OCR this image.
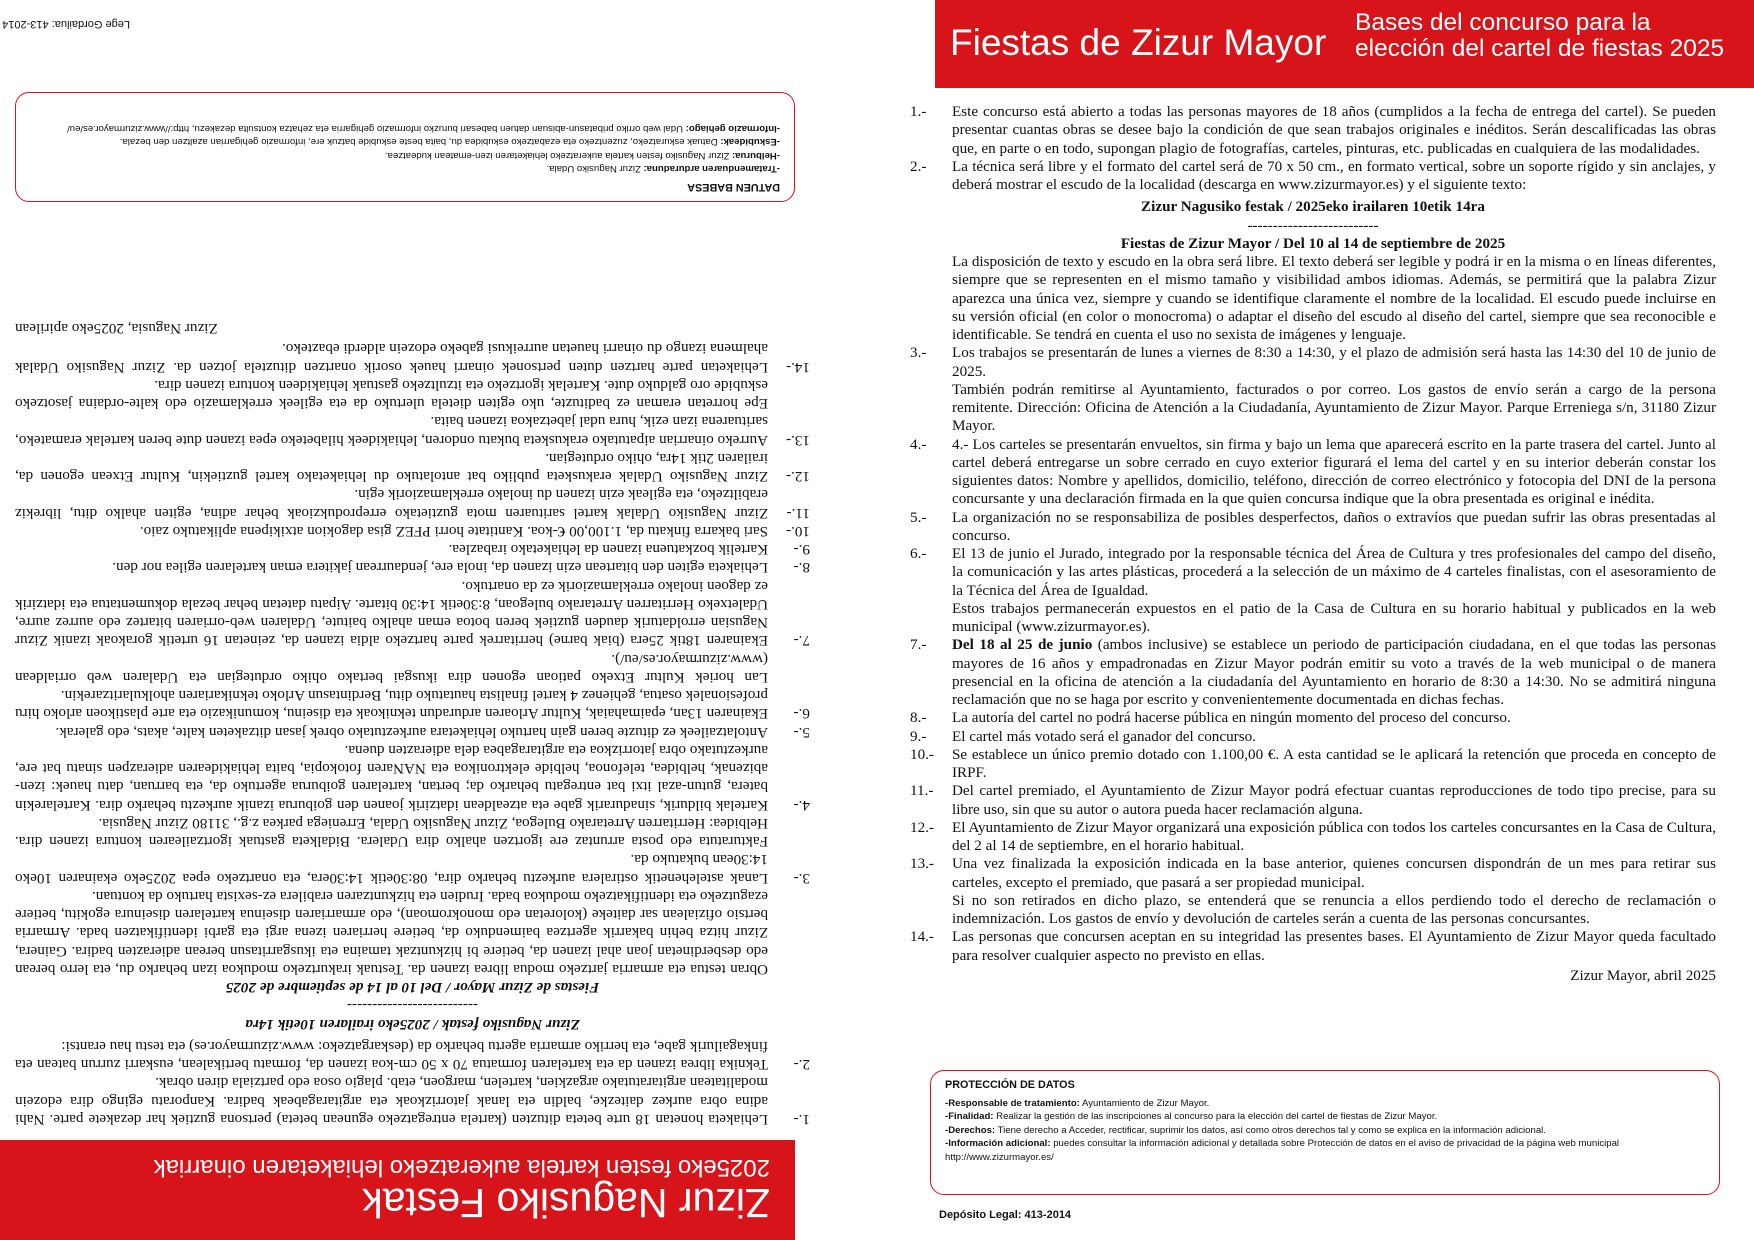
Zizur Nagusiko Festak
2025eko festen kartela aukeratzeko lehiaketaren oinarriak
1.-
Lehiaketa honetan 18 urte beteta dituzten (kartela entregatzeko egunean beteta) pertsona guztiek har dezakete parte. Nahi adina obra aurkez daitezke, baldin eta lanak jatorrizkoak eta argitaragabeak badira. Kanporatu egingo dira edozein modalitatean argitaratutako argazkien, kartelen, margoen, etab. plagio osoa edo partziala diren obrak.
2.-
Teknika librea izanen da eta kartelaren formatua 70 x 50 cm-koa izanen da, formatu bertikalean, euskarri zurrun batean eta finkagailurik gabe, eta herriko armarria agertu beharko da (deskargatzeko: www.zizurmayor.es) eta testu hau erantsi:

Zizur Nagusiko festak / 2025eko irailaren 10etik 14ra

--------------------------

Fiestas de Zizur Mayor / Del 10 al 14 de septiembre de 2025

Obran testua eta armarria jartzeko modua librea izanen da. Testuak irakurtzeko modukoa izan beharko du, eta lerro berean edo desberdinetan joan ahal izanen da, betiere bi hizkuntzak tamaina eta ikusgarritasun berean adierazten badira. Gainera, Zizur hitza behin bakarrik agertzea baimenduko da, betiere herriaren izena argi eta garbi identifikatzen bada. Armarria bertsio ofizialean sar daiteke (koloretan edo monokromoan), edo armarriaren diseinua kartelaren diseinura egokitu, betiere ezagutzeko eta identifikatzeko modukoa bada. Irudien eta hizkuntzaren erabilera ez-sexista hartuko da kontuan.

3.-
Lanak astelehenetik ostiralera aurkeztu beharko dira, 08:30etik 14:30era, eta onartzeko epea 2025eko ekainaren 10eko 14:30ean bukatuko da.

Fakturatuta edo posta arruntaz ere igortzen ahalko dira Udalera. Bidalketa gastuak igortzailearen kontura izanen dira. Helbidea: Herritarren Arretarako Bulegoa, Zizur Nagusiko Udala, Erreniega parkea z.g., 31180 Zizur Nagusia.

4.-
Kartelak bildurik, sinadurarik gabe eta atzealdean idatzirik joanen den goiburua izanik aurkeztu beharko dira. Kartelarekin batera, gutun-azal itxi bat entregatu beharko da; bertan, kartelaren goiburua agertuko da, eta barruan, datu hauek: izen-abizenak, helbidea, telefonoa, helbide elektronikoa eta NANaren fotokopia, baita lehiakidearen adierazpen sinatu bat ere, aurkeztutako obra jatorrizkoa eta argitaragabea dela adierazten duena.
5.-
Antolatzaileek ez dituzte beren gain hartuko lehiaketara aurkeztutako obrek jasan ditzaketen kalte, akats, edo galerak.
6.-
Ekainaren 13an, epaimahaiak, Kultur Arloaren arduradun teknikoak eta diseinu, komunikazio eta arte plastikoen arloko hiru profesionalek osatua, gehienez 4 kartel finalista hautatuko ditu, Berdintasun Arloko teknikariaren aholkularitzarekin.

Lan horiek Kultur Etxeko patioan egonen dira ikusgai bertako ohiko ordutegian eta Udalaren web orrialdean (www.zizurmayor.es/eu/).

7.-
Ekainaren 18tik 25era (biak barne) herritarrek parte hartzeko aldia izanen da, zeinetan 16 urtetik gorakoak izanik Zizur Nagusian erroldaturik dauden guztiek beren botoa eman ahalko baitute, Udalaren web-orriaren bitartez edo aurrez aurre, Udaletxeko Herritarren Arretarako bulegoan, 8:30etik 14:30 bitarte. Aipatu datetan behar bezala dokumentatua eta idatzirik ez dagoen inolako erreklamaziorik ez da onartuko.
8.-
Lehiaketa egiten den bitartean ezin izanen da, inola ere, jendaurrean jakitera eman kartelaren egilea nor den.
9.-
Kartelik bozkatuena izanen da lehiaketako irabazlea.
10.-
Sari bakarra finkatu da, 1.100,00 €-koa. Kantitate horri PFEZ gisa dagokion atxikipena aplikatuko zaio.
11.-
Zizur Nagusiko Udalak kartel sarituaren mota guztietako erreprodukzioak behar adina, egiten ahalko ditu, librekiz erabiltzeko, eta egileak ezin izanen du inolako erreklamaziorik egin.
12.-
Zizur Nagusiko Udalak erakusketa publiko bat antolatuko du lehiaketako kartel guztiekin, Kultur Etxean egonen da, irailaren 2tik 14ra, ohiko ordutegian.
13.-
Aurreko oinarrian aipatutako erakusketa bukatu ondoren, lehiakideek hilabeteko epea izanen dute beren kartelak eramateko, sarituarena izan ezik, hura udal jabetzakoa izanen baita.

Epe horretan eraman ez badituzte, uko egiten dietela ulertuko da eta egileek erreklamazio edo kalte-ordaina jasotzeko eskubide oro galduko dute. Kartelak igortzeko eta itzultzeko gastuak lehiakideen kontura izanen dira.

14.-
Lehiaketan parte hartzen duten pertsonek oinarri hauek osorik onartzen dituztela jotzen da. Zizur Nagusiko Udalak ahalmena izango du oinarri hauetan aurreikusi gabeko edozein alderdi ebazteko.

Zizur Nagusia, 2025eko apirilean

DATUEN BABESA

-Tratamenduaren arduraduna: Zizur Nagusiko Udala.

-Helburua: Zizur Nagusiko festen kartela aukeratzeko lehiaketaren izen-ematean kudeatzea.

-Eskubideak: Datuak eskuratzeko, zuzentzeko eta ezabatzeko eskubidea du, baita beste eskubide batzuk ere, informazio gehigarrian azaltzen den bezala.

-Informazio gehiago: Udal web orriko pribatasun-abisuan datuen babesari buruzko informazio gehigarria eta zehatza kontsulta dezakezu, http://www.zizurmayor.es/eu/

Lege Gordailua: 413-2014	Fiestas de Zizur Mayor Bases del concurso para la
elección del cartel de fiestas 2025
1.-	Este concurso está abierto a todas las personas mayores de 18 años (cumplidos a la fecha de entrega del cartel). Se pueden presentar cuantas obras se desee bajo la condición de que sean trabajos originales e inéditos. Serán descalificadas las obras que, en parte o en todo, supongan plagio de fotografías, carteles, pinturas, etc. publicadas en cualquiera de las modalidades.
2.-	La técnica será libre y el formato del cartel será de 70 x 50 cm., en formato vertical, sobre un soporte rígido y sin anclajes, y deberá mostrar el escudo de la localidad (descarga en www.zizurmayor.es) y el siguiente texto:

Zizur Nagusiko festak / 2025eko irailaren 10etik 14ra

--------------------------

Fiestas de Zizur Mayor / Del 10 al 14 de septiembre de 2025

La disposición de texto y escudo en la obra será libre. El texto deberá ser legible y podrá ir en la misma o en líneas diferentes, siempre que se representen en el mismo tamaño y visibilidad ambos idiomas. Además, se permitirá que la palabra Zizur aparezca una única vez, siempre y cuando se identifique claramente el nombre de la localidad. El escudo puede incluirse en su versión oficial (en color o monocroma) o adaptar el diseño del escudo al diseño del cartel, siempre que sea reconocible e identificable. Se tendrá en cuenta el uso no sexista de imágenes y lenguaje.

3.-	Los trabajos se presentarán de lunes a viernes de 8:30 a 14:30, y el plazo de admisión será hasta las 14:30 del 10 de junio de 2025.

También podrán remitirse al Ayuntamiento, facturados o por correo. Los gastos de envío serán a cargo de la persona remitente. Dirección: Oficina de Atención a la Ciudadanía, Ayuntamiento de Zizur Mayor. Parque Erreniega s/n, 31180 Zizur Mayor.

4.-	4.- Los carteles se presentarán envueltos, sin firma y bajo un lema que aparecerá escrito en la parte trasera del cartel. Junto al cartel deberá entregarse un sobre cerrado en cuyo exterior figurará el lema del cartel y en su interior deberán constar los siguientes datos: Nombre y apellidos, domicilio, teléfono, dirección de correo electrónico y fotocopia del DNI de la persona concursante y una declaración firmada en la que quien concursa indique que la obra presentada es original e inédita.
5.-	La organización no se responsabiliza de posibles desperfectos, daños o extravíos que puedan sufrir las obras presentadas al concurso.
6.-	El 13 de junio el Jurado, integrado por la responsable técnica del Área de Cultura y tres profesionales del campo del diseño, la comunicación y las artes plásticas, procederá a la selección de un máximo de 4 carteles finalistas, con el asesoramiento de la Técnica del Área de Igualdad.

Estos trabajos permanecerán expuestos en el patio de la Casa de Cultura en su horario habitual y publicados en la web municipal (www.zizurmayor.es).

7.-	Del 18 al 25 de junio (ambos inclusive) se establece un periodo de participación ciudadana, en el que todas las personas mayores de 16 años y empadronadas en Zizur Mayor podrán emitir su voto a través de la web municipal o de manera presencial en la oficina de atención a la ciudadanía del Ayuntamiento en horario de 8:30 a 14:30. No se admitirá ninguna reclamación que no se haga por escrito y convenientemente documentada en dichas fechas.
8.-	La autoría del cartel no podrá hacerse pública en ningún momento del proceso del concurso.
9.-	El cartel más votado será el ganador del concurso.
10.-	Se establece un único premio dotado con 1.100,00 €. A esta cantidad se le aplicará la retención que proceda en concepto de IRPF.
11.-	Del cartel premiado, el Ayuntamiento de Zizur Mayor podrá efectuar cuantas reproducciones de todo tipo precise, para su libre uso, sin que su autor o autora pueda hacer reclamación alguna.
12.-	El Ayuntamiento de Zizur Mayor organizará una exposición pública con todos los carteles concursantes en la Casa de Cultura, del 2 al 14 de septiembre, en el horario habitual.
13.-	Una vez finalizada la exposición indicada en la base anterior, quienes concursen dispondrán de un mes para retirar sus carteles, excepto el premiado, que pasará a ser propiedad municipal.

Si no son retirados en dicho plazo, se entenderá que se renuncia a ellos perdiendo todo el derecho de reclamación o indemnización. Los gastos de envío y devolución de carteles serán a cuenta de las personas concursantes.

14.-	Las personas que concursen aceptan en su integridad las presentes bases. El Ayuntamiento de Zizur Mayor queda facultado para resolver cualquier aspecto no previsto en ellas.

Zizur Mayor, abril 2025

PROTECCIÓN DE DATOS

-Responsable de tratamiento: Ayuntamiento de Zizur Mayor.

-Finalidad: Realizar la gestión de las inscripciones al concurso para la elección del cartel de fiestas de Zizur Mayor.

-Derechos: Tiene derecho a Acceder, rectificar, suprimir los datos, así como otros derechos tal y como se explica en la información adicional.

-Información adicional: puedes consultar la información adicional y detallada sobre Protección de datos en el aviso de privacidad de la página web municipal http://www.zizurmayor.es/

Depósito Legal: 413-2014
